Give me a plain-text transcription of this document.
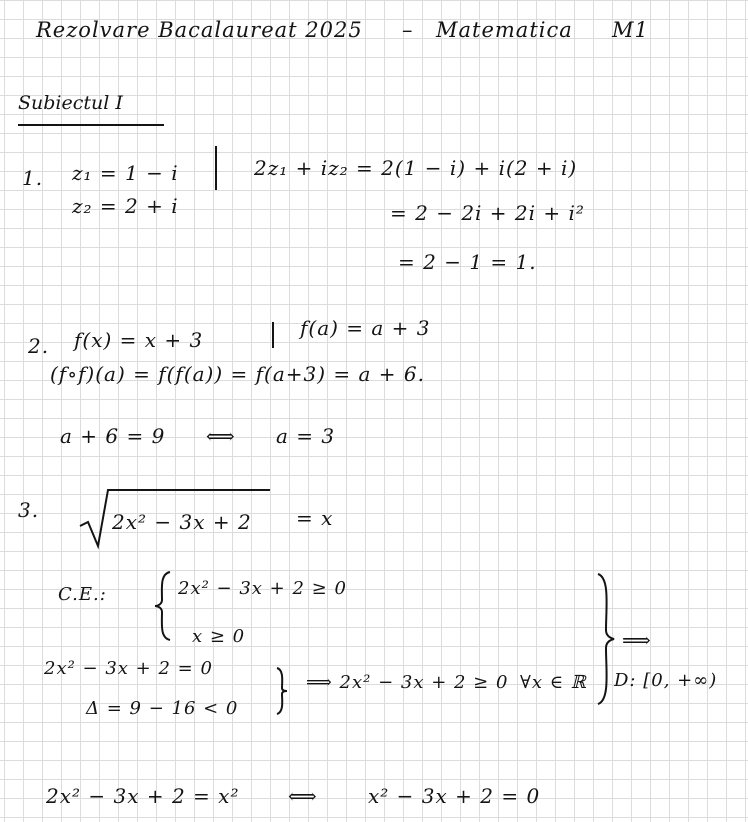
Rezolvare Bacalaureat 2025 – Matematica M1
Subiectul I
1. z₁ = 1 − i
z₂ = 2 + i
2z₁ + iz₂ = 2(1 − i) + i(2 + i)
= 2 − 2i + 2i + i²
= 2 − 1 = 1.
2. f(x) = x + 3	f(a) = a + 3
(f∘f)(a) = f(f(a)) = f(a+3) = a + 6.
a + 6 = 9 ⟺ a = 3
3.	2x² − 3x + 2 = x
C.E.:	2x² − 3x + 2 ≥ 0
x ≥ 0	⟹
D: [0, +∞)
2x² − 3x + 2 = 0
Δ = 9 − 16 < 0
⟹ 2x² − 3x + 2 ≥ 0 ∀x ∈ ℝ
2x² − 3x + 2 = x² ⟺	x² − 3x + 2 = 0
